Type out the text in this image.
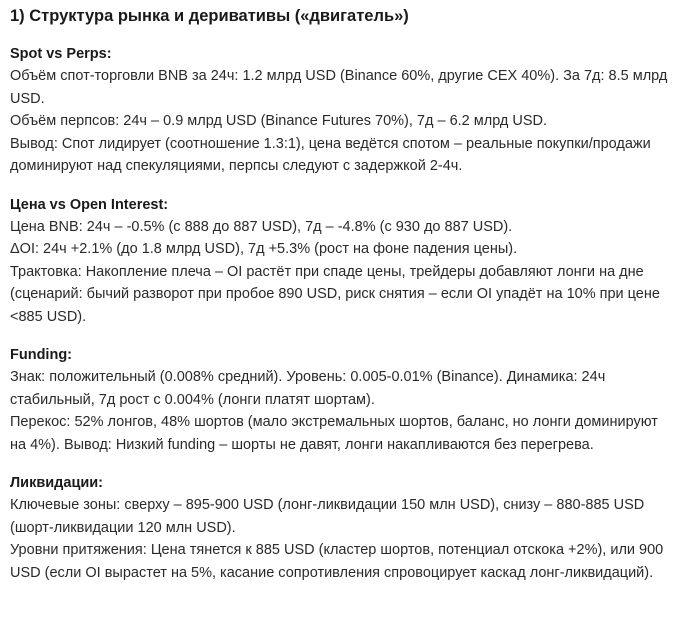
1) Структура рынка и деривативы («двигатель»)
Spot vs Perps:

Объём спот-торговли BNB за 24ч: 1.2 млрд USD (Binance 60%, другие CEX 40%). За 7д: 8.5 млрд USD.

Объём перпсов: 24ч – 0.9 млрд USD (Binance Futures 70%), 7д – 6.2 млрд USD.

Вывод: Спот лидирует (соотношение 1.3:1), цена ведётся спотом – реальные покупки/продажи доминируют над спекуляциями, перпсы следуют с задержкой 2-4ч.

Цена vs Open Interest:

Цена BNB: 24ч – -0.5% (с 888 до 887 USD), 7д – -4.8% (с 930 до 887 USD).

ΔOI: 24ч +2.1% (до 1.8 млрд USD), 7д +5.3% (рост на фоне падения цены).

Трактовка: Накопление плеча – OI растёт при спаде цены, трейдеры добавляют лонги на дне (сценарий: бычий разворот при пробое 890 USD, риск снятия – если OI упадёт на 10% при цене <885 USD).

Funding:

Знак: положительный (0.008% средний). Уровень: 0.005-0.01% (Binance). Динамика: 24ч стабильный, 7д рост с 0.004% (лонги платят шортам).

Перекос: 52% лонгов, 48% шортов (мало экстремальных шортов, баланс, но лонги доминируют на 4%). Вывод: Низкий funding – шорты не давят, лонги накапливаются без перегрева.

Ликвидации:

Ключевые зоны: сверху – 895-900 USD (лонг-ликвидации 150 млн USD), снизу – 880-885 USD (шорт-ликвидации 120 млн USD).

Уровни притяжения: Цена тянется к 885 USD (кластер шортов, потенциал отскока +2%), или 900 USD (если OI вырастет на 5%, касание сопротивления спровоцирует каскад лонг-ликвидаций).
